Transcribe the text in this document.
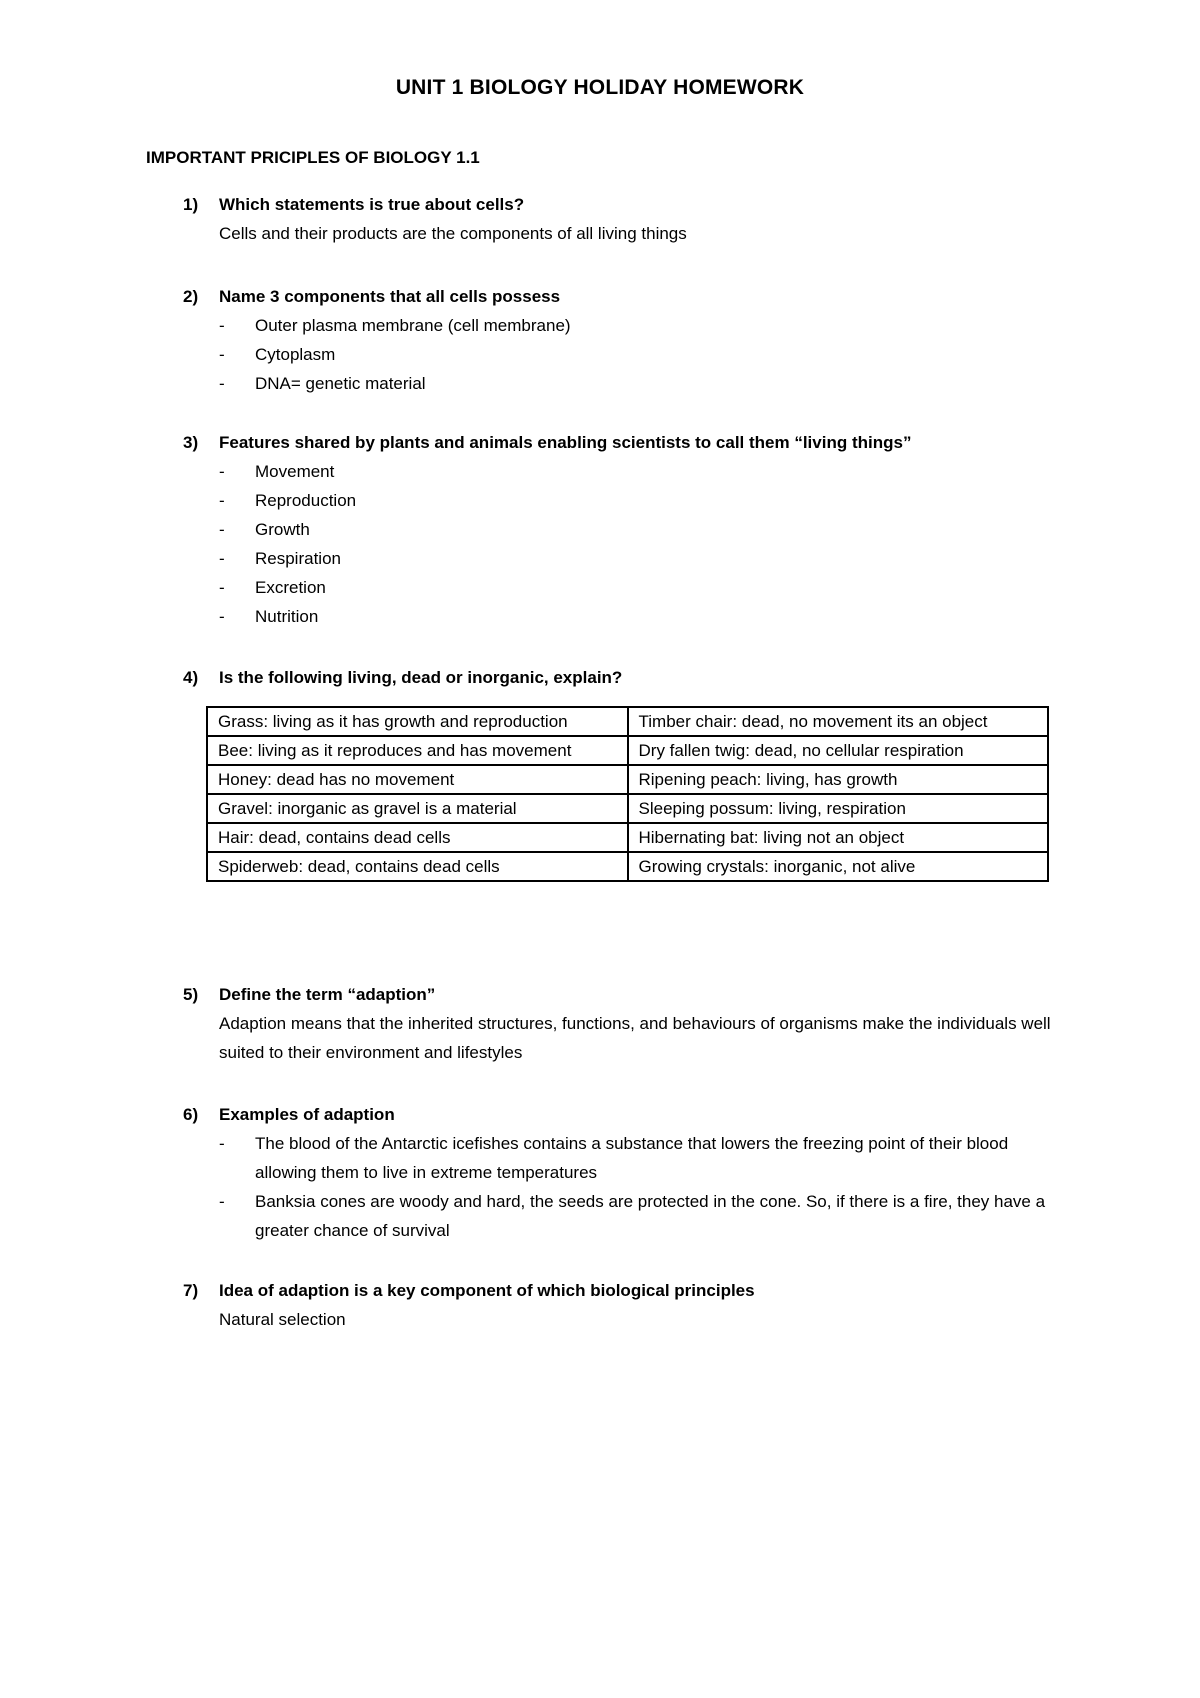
UNIT 1 BIOLOGY HOLIDAY HOMEWORK
IMPORTANT PRICIPLES OF BIOLOGY 1.1
1)	Which statements is true about cells?
Cells and their products are the components of all living things
2)	Name 3 components that all cells possess
- Outer plasma membrane (cell membrane)
- Cytoplasm
- DNA= genetic material
3)	Features shared by plants and animals enabling scientists to call them “living things”
- Movement
- Reproduction
- Growth
- Respiration
- Excretion
- Nutrition
4)	Is the following living, dead or inorganic, explain?
Grass: living as it has growth and reproduction	Timber chair: dead, no movement its an object
Bee: living as it reproduces and has movement	Dry fallen twig: dead, no cellular respiration
Honey: dead has no movement	Ripening peach: living, has growth
Gravel: inorganic as gravel is a material	Sleeping possum: living, respiration
Hair: dead, contains dead cells	Hibernating bat: living not an object
Spiderweb: dead, contains dead cells	Growing crystals: inorganic, not alive
5)	Define the term “adaption”
Adaption means that the inherited structures, functions, and behaviours of organisms make the individuals well suited to their environment and lifestyles
6)	Examples of adaption
- The blood of the Antarctic icefishes contains a substance that lowers the freezing point of their blood allowing them to live in extreme temperatures
- Banksia cones are woody and hard, the seeds are protected in the cone. So, if there is a fire, they have a greater chance of survival
7)	Idea of adaption is a key component of which biological principles
Natural selection
